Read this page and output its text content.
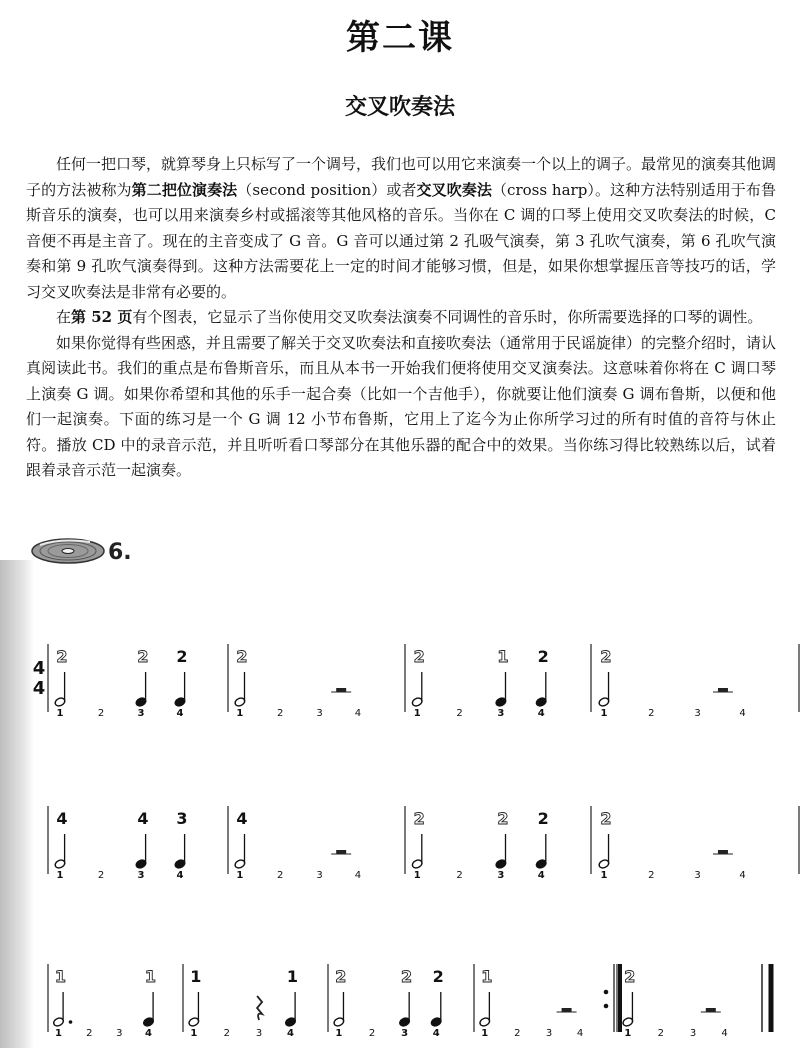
第二课
交叉吹奏法

任何一把口琴，就算琴身上只标写了一个调号，我们也可以用它来演奏一个以上的调子。最常见的演奏其他调子的方法被称为第二把位演奏法（second position）或者交叉吹奏法（cross harp）。这种方法特别适用于布鲁斯音乐的演奏，也可以用来演奏乡村或摇滚等其他风格的音乐。当你在 C 调的口琴上使用交叉吹奏法的时候，C 音便不再是主音了。现在的主音变成了 G 音。G 音可以通过第 2 孔吸气演奏，第 3 孔吹气演奏，第 6 孔吹气演奏和第 9 孔吹气演奏得到。这种方法需要花上一定的时间才能够习惯，但是，如果你想掌握压音等技巧的话，学习交叉吹奏法是非常有必要的。

在第 52 页有个图表，它显示了当你使用交叉吹奏法演奏不同调性的音乐时，你所需要选择的口琴的调性。

如果你觉得有些困惑，并且需要了解关于交叉吹奏法和直接吹奏法（通常用于民谣旋律）的完整介绍时，请认真阅读此书。我们的重点是布鲁斯音乐，而且从本书一开始我们便将使用交叉演奏法。这意味着你将在 C 调口琴上演奏 G 调。如果你希望和其他的乐手一起合奏（比如一个吉他手），你就要让他们演奏 G 调布鲁斯，以便和他们一起演奏。下面的练习是一个 G 调 12 小节布鲁斯，它用上了迄今为止你所学习过的所有时值的音符与休止符。播放 CD 中的录音示范，并且听听看口琴部分在其他乐器的配合中的效果。当你练习得比较熟练以后，试着跟着录音示范一起演奏。

6.
4
4
1	2	3	4
2	2 2
1	2	3	4
2
1	2	3	4
2	1 2
1	2	3	4
2
1	2	3	4
4	4 3
1	2	3	4
4
1	2	3	4
2	2 2
1	2	3	4
2
1 2 3 4
1	1
1	2	3 4
1	1
1	2	3 4
2	2 2
1	2	3 4
1
1	2	3	4
2
